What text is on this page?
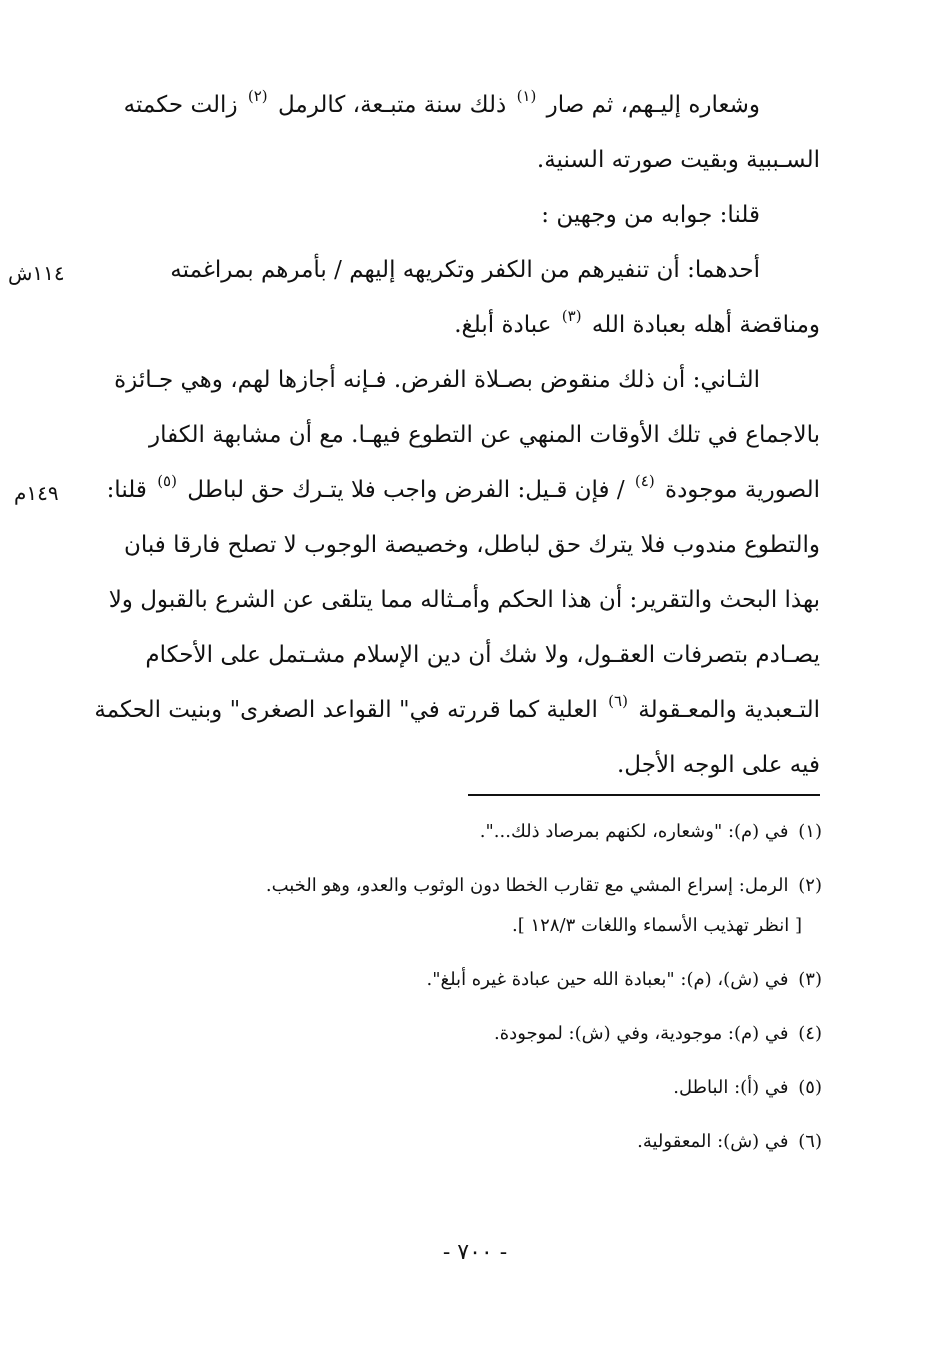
وشعاره إليـهم، ثم صار $^{(١)}$ ذلك سنة متبـعة، كالرمل $^{(٢)}$ زالت حكمته السـببية وبقيت صورته السنية.

قلنا: جوابه من وجهين :

أحدهما: أن تنفيرهم من الكفر وتكريهه إليهم / بأمرهم بمراغمته ومناقضة أهله بعبادة الله $^{(٣)}$ عبادة أبلغ.

الثـاني: أن ذلك منقوض بصـلاة الفرض. فـإنه أجازها لهم، وهي جـائزة بالاجماع في تلك الأوقات المنهي عن التطوع فيهـا. مع أن مشابهة الكفار الصورية موجودة $^{(٤)}$ / فإن قـيل: الفرض واجب فلا يتـرك حق لباطل $^{(٥)}$ قلنا: والتطوع مندوب فلا يترك حق لباطل، وخصيصة الوجوب لا تصلح فارقا فبان بهذا البحث والتقرير: أن هذا الحكم وأمـثاله مما يتلقى عن الشرع بالقبول ولا يصـادم بتصرفات العقـول، ولا شك أن دين الإسلام مشـتمل على الأحكام التـعبدية والمعـقولة $^{(٦)}$ العلية كما قررته في" القواعد الصغرى" وبنيت الحكمة فيه على الوجه الأجل.

١١٤ش
١٤٩م
(١) في (م): "وشعاره، لكنهم بمرصاد ذلك...".
(٢) الرمل: إسراع المشي مع تقارب الخطا دون الوثوب والعدو، وهو الخبب.
[ انظر تهذيب الأسماء واللغات ١٢٨/٣ ].
(٣) في (ش)، (م): "بعبادة الله حين عبادة غيره أبلغ".
(٤) في (م): موجودية، وفي (ش): لموجودة.
(٥) في (أ): الباطل.
(٦) في (ش): المعقولية.
- ٧٠٠ -
